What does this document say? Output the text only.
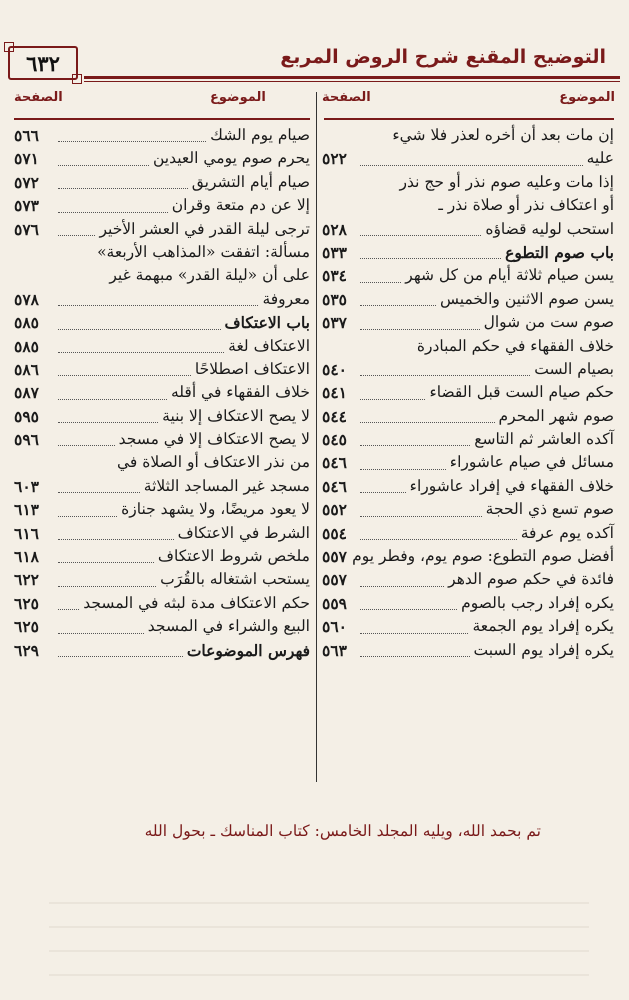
٦٣٢	التوضيح المقنع شرح الروض المربع
الموضوع
الصفحة
الموضوع
الصفحة
إن مات بعد أن أخره لعذر فلا شيء
عليه
٥٢٢
إذا مات وعليه صوم نذر أو حج نذر
أو اعتكاف نذر أو صلاة نذر ـ
استحب لوليه قضاؤه
٥٢٨
باب صوم التطوع
٥٣٣
يسن صيام ثلاثة أيام من كل شهر
٥٣٤
يسن صوم الاثنين والخميس
٥٣٥
صوم ست من شوال
٥٣٧
خلاف الفقهاء في حكم المبادرة
بصيام الست
٥٤٠
حكم صيام الست قبل القضاء
٥٤١
صوم شهر المحرم
٥٤٤
آكده العاشر ثم التاسع
٥٤٥
مسائل في صيام عاشوراء
٥٤٦
خلاف الفقهاء في إفراد عاشوراء
٥٤٦
صوم تسع ذي الحجة
٥٥٢
آكده يوم عرفة
٥٥٤
أفضل صوم التطوع: صوم يوم، وفطر يوم
٥٥٧
فائدة في حكم صوم الدهر
٥٥٧
يكره إفراد رجب بالصوم
٥٥٩
يكره إفراد يوم الجمعة
٥٦٠
يكره إفراد يوم السبت
٥٦٣
صيام يوم الشك
٥٦٦
يحرم صوم يومي العيدين
٥٧١
صيام أيام التشريق
٥٧٢
إلا عن دم متعة وقران
٥٧٣
ترجى ليلة القدر في العشر الأخير
٥٧٦
مسألة: اتفقت «المذاهب الأربعة»
على أن «ليلة القدر» مبهمة غير
معروفة
٥٧٨
باب الاعتكاف
٥٨٥
الاعتكاف لغة
٥٨٥
الاعتكاف اصطلاحًا
٥٨٦
خلاف الفقهاء في أقله
٥٨٧
لا يصح الاعتكاف إلا بنية
٥٩٥
لا يصح الاعتكاف إلا في مسجد
٥٩٦
من نذر الاعتكاف أو الصلاة في
مسجد غير المساجد الثلاثة
٦٠٣
لا يعود مريضًا، ولا يشهد جنازة
٦١٣
الشرط في الاعتكاف
٦١٦
ملخص شروط الاعتكاف
٦١٨
يستحب اشتغاله بالقُرَب
٦٢٢
حكم الاعتكاف مدة لبثه في المسجد
٦٢٥
البيع والشراء في المسجد
٦٢٥
فهرس الموضوعات
٦٢٩
تم بحمد الله، ويليه المجلد الخامس: كتاب المناسك ـ بحول الله
